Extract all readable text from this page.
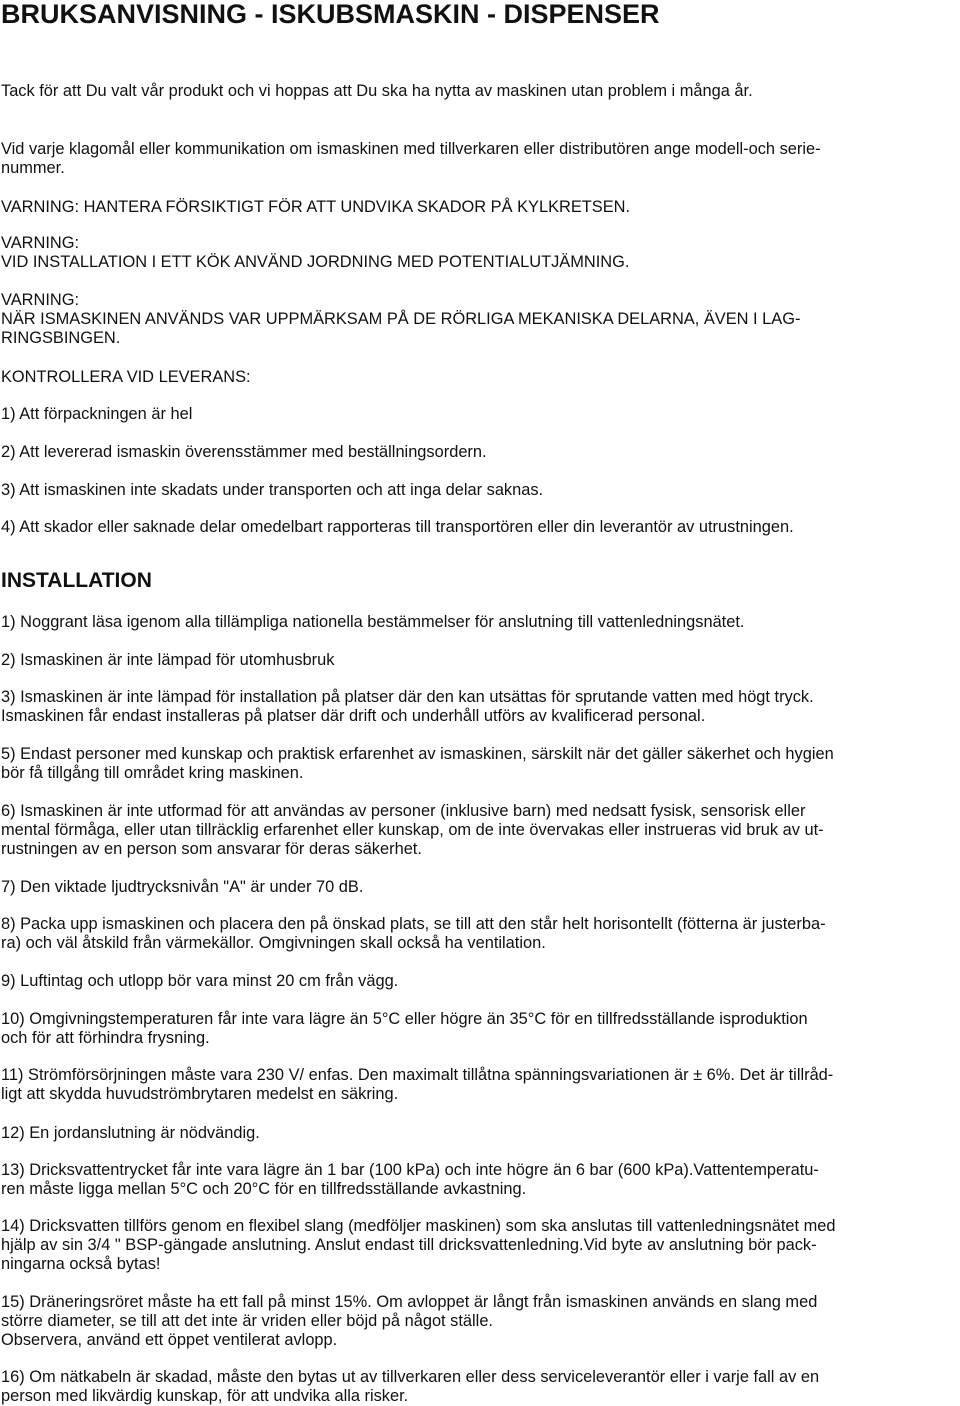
BRUKSANVISNING - ISKUBSMASKIN - DISPENSER

Tack för att Du valt vår produkt och vi hoppas att Du ska ha nytta av maskinen utan problem i många år.

Vid varje klagomål eller kommunikation om ismaskinen med tillverkaren eller distributören ange modell-och serie-
nummer.

VARNING: HANTERA FÖRSIKTIGT FÖR ATT UNDVIKA SKADOR PÅ KYLKRETSEN.

VARNING:
VID INSTALLATION I ETT KÖK ANVÄND JORDNING MED POTENTIALUTJÄMNING.

VARNING:
NÄR ISMASKINEN ANVÄNDS VAR UPPMÄRKSAM PÅ DE RÖRLIGA MEKANISKA DELARNA, ÄVEN I LAG-
RINGSBINGEN.

KONTROLLERA VID LEVERANS:

1) Att förpackningen är hel

2) Att levererad ismaskin överensstämmer med beställningsordern.

3) Att ismaskinen inte skadats under transporten och att inga delar saknas.

4) Att skador eller saknade delar omedelbart rapporteras till transportören eller din leverantör av utrustningen.

INSTALLATION

1) Noggrant läsa igenom alla tillämpliga nationella bestämmelser för anslutning till vattenledningsnätet.

2) Ismaskinen är inte lämpad för utomhusbruk

3) Ismaskinen är inte lämpad för installation på platser där den kan utsättas för sprutande vatten med högt tryck.
Ismaskinen får endast installeras på platser där drift och underhåll utförs av kvalificerad personal.

5) Endast personer med kunskap och praktisk erfarenhet av ismaskinen, särskilt när det gäller säkerhet och hygien
bör få tillgång till området kring maskinen.

6) Ismaskinen är inte utformad för att användas av personer (inklusive barn) med nedsatt fysisk, sensorisk eller
mental förmåga, eller utan tillräcklig erfarenhet eller kunskap, om de inte övervakas eller instrueras vid bruk av ut-
rustningen av en person som ansvarar för deras säkerhet.

7) Den viktade ljudtrycksnivån "A" är under 70 dB.

8) Packa upp ismaskinen och placera den på önskad plats, se till att den står helt horisontellt (fötterna är justerba-
ra) och väl åtskild från värmekällor. Omgivningen skall också ha ventilation.

9) Luftintag och utlopp bör vara minst 20 cm från vägg.

10) Omgivningstemperaturen får inte vara lägre än 5°C eller högre än 35°C för en tillfredsställande isproduktion
och för att förhindra frysning.

11) Strömförsörjningen måste vara 230 V/ enfas. Den maximalt tillåtna spänningsvariationen är ± 6%. Det är tillråd-
ligt att skydda huvudströmbrytaren medelst en säkring.

12) En jordanslutning är nödvändig.

13) Dricksvattentrycket får inte vara lägre än 1 bar (100 kPa) och inte högre än 6 bar (600 kPa).Vattentemperatu-
ren måste ligga mellan 5°C och 20°C för en tillfredsställande avkastning.

14) Dricksvatten tillförs genom en flexibel slang (medföljer maskinen) som ska anslutas till vattenledningsnätet med
hjälp av sin 3/4 " BSP-gängade anslutning. Anslut endast till dricksvattenledning.Vid byte av anslutning bör pack-
ningarna också bytas!

15) Dräneringsröret måste ha ett fall på minst 15%. Om avloppet är långt från ismaskinen används en slang med
större diameter, se till att det inte är vriden eller böjd på något ställe.
Observera, använd ett öppet ventilerat avlopp.

16) Om nätkabeln är skadad, måste den bytas ut av tillverkaren eller dess serviceleverantör eller i varje fall av en
person med likvärdig kunskap, för att undvika alla risker.
